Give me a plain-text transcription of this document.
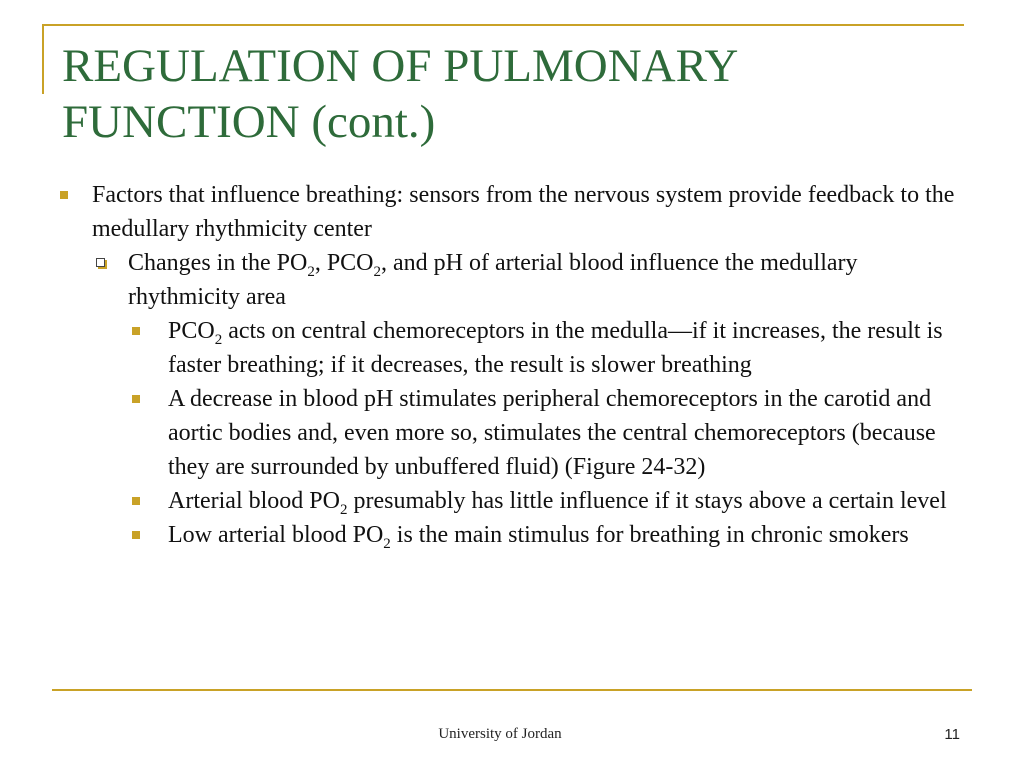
REGULATION OF PULMONARY
FUNCTION (cont.)
Factors that influence breathing: sensors from the nervous system provide feedback to the medullary rhythmicity center
Changes in the $PO_2$, $PCO_2$, and pH of arterial blood influence the medullary rhythmicity area
$PCO_2$ acts on central chemoreceptors in the medulla—if it increases, the result is faster breathing; if it decreases, the result is slower breathing
A decrease in blood pH stimulates peripheral chemoreceptors in the carotid and aortic bodies and, even more so, stimulates the central chemoreceptors (because they are surrounded by unbuffered fluid) (Figure 24-32)
Arterial blood $PO_2$ presumably has little influence if it stays above a certain level
Low arterial blood $PO_2$ is the main stimulus for breathing in chronic smokers
University of Jordan	11
